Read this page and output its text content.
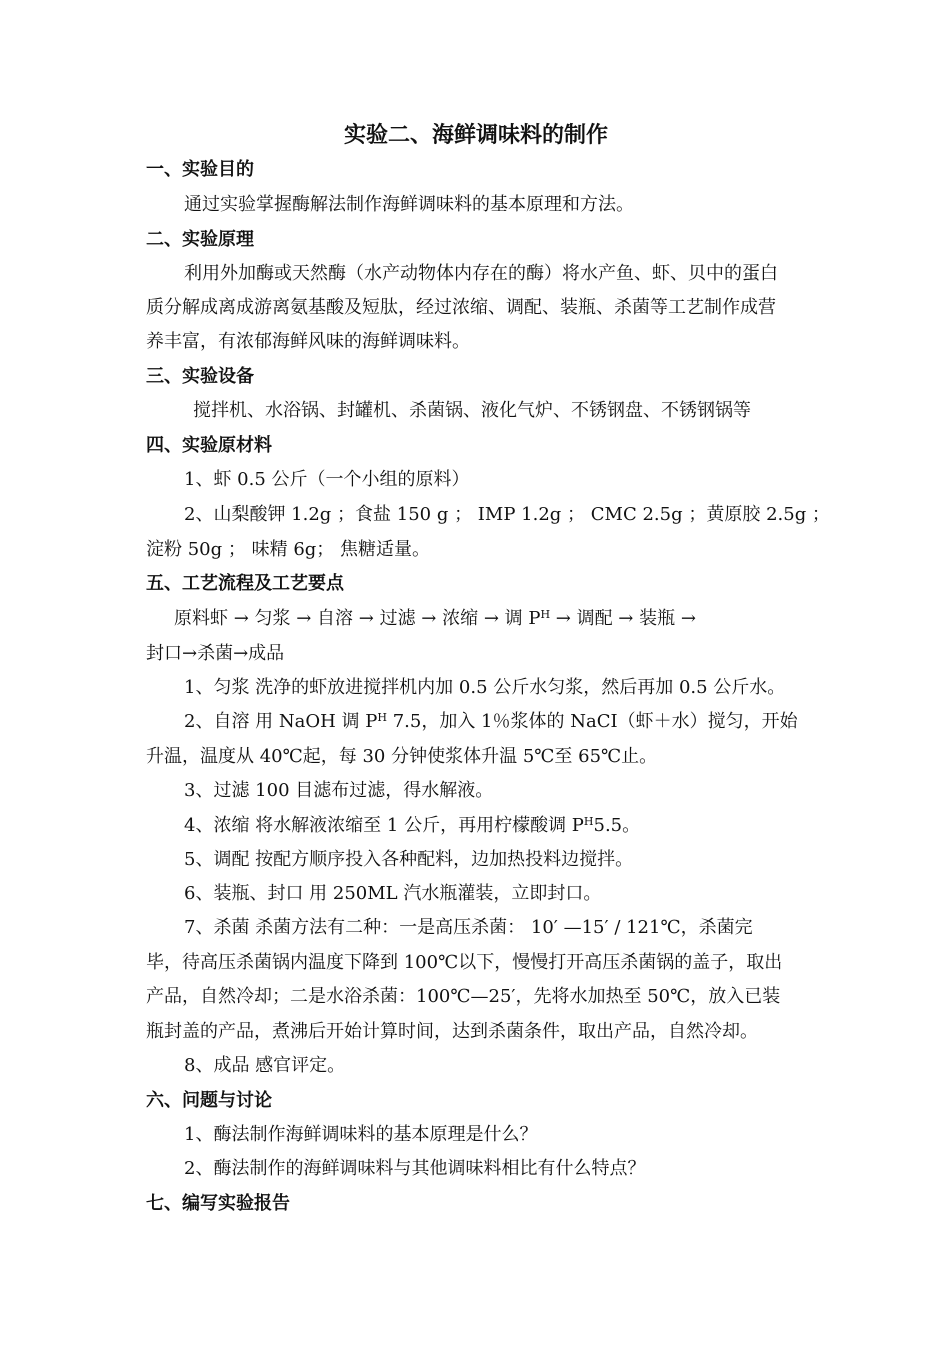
实验二、海鲜调味料的制作
一、实验目的
通过实验掌握酶解法制作海鲜调味料的基本原理和方法。
二、实验原理
利用外加酶或天然酶（水产动物体内存在的酶）将水产鱼、虾、贝中的蛋白
质分解成离成游离氨基酸及短肽，经过浓缩、调配、装瓶、杀菌等工艺制作成营
养丰富，有浓郁海鲜风味的海鲜调味料。
三、实验设备
搅拌机、水浴锅、封罐机、杀菌锅、液化气炉、不锈钢盘、不锈钢锅等
四、实验原材料
1、虾 0.5 公斤（一个小组的原料）
2、山梨酸钾 1.2g ；食盐 150 g ； IMP 1.2g ； CMC 2.5g ；黄原胶 2.5g ；
淀粉 50g ； 味精 6g； 焦糖适量。
五、工艺流程及工艺要点
原料虾 → 匀浆 → 自溶 → 过滤 → 浓缩 → 调 $P^H$ → 调配 → 装瓶 →
封口→杀菌→成品
1、匀浆 洗净的虾放进搅拌机内加 0.5 公斤水匀浆，然后再加 0.5 公斤水。
2、自溶 用 NaOH 调 $P^H$ 7.5，加入 1％浆体的 NaCI（虾＋水）搅匀，开始
升温，温度从 40℃起，每 30 分钟使浆体升温 5℃至 65℃止。
3、过滤 100 目滤布过滤，得水解液。
4、浓缩 将水解液浓缩至 1 公斤，再用柠檬酸调 $P^H5.5$。
5、调配 按配方顺序投入各种配料，边加热投料边搅拌。
6、装瓶、封口 用 250ML 汽水瓶灌装，立即封口。
7、杀菌 杀菌方法有二种：一是高压杀菌： 10′ —15′ / 121℃，杀菌完
毕，待高压杀菌锅内温度下降到 100℃以下，慢慢打开高压杀菌锅的盖子，取出
产品，自然冷却；二是水浴杀菌：100℃—25′，先将水加热至 50℃，放入已装
瓶封盖的产品，煮沸后开始计算时间，达到杀菌条件，取出产品，自然冷却。
8、成品 感官评定。
六、问题与讨论
1、酶法制作海鲜调味料的基本原理是什么？
2、酶法制作的海鲜调味料与其他调味料相比有什么特点？
七、编写实验报告
